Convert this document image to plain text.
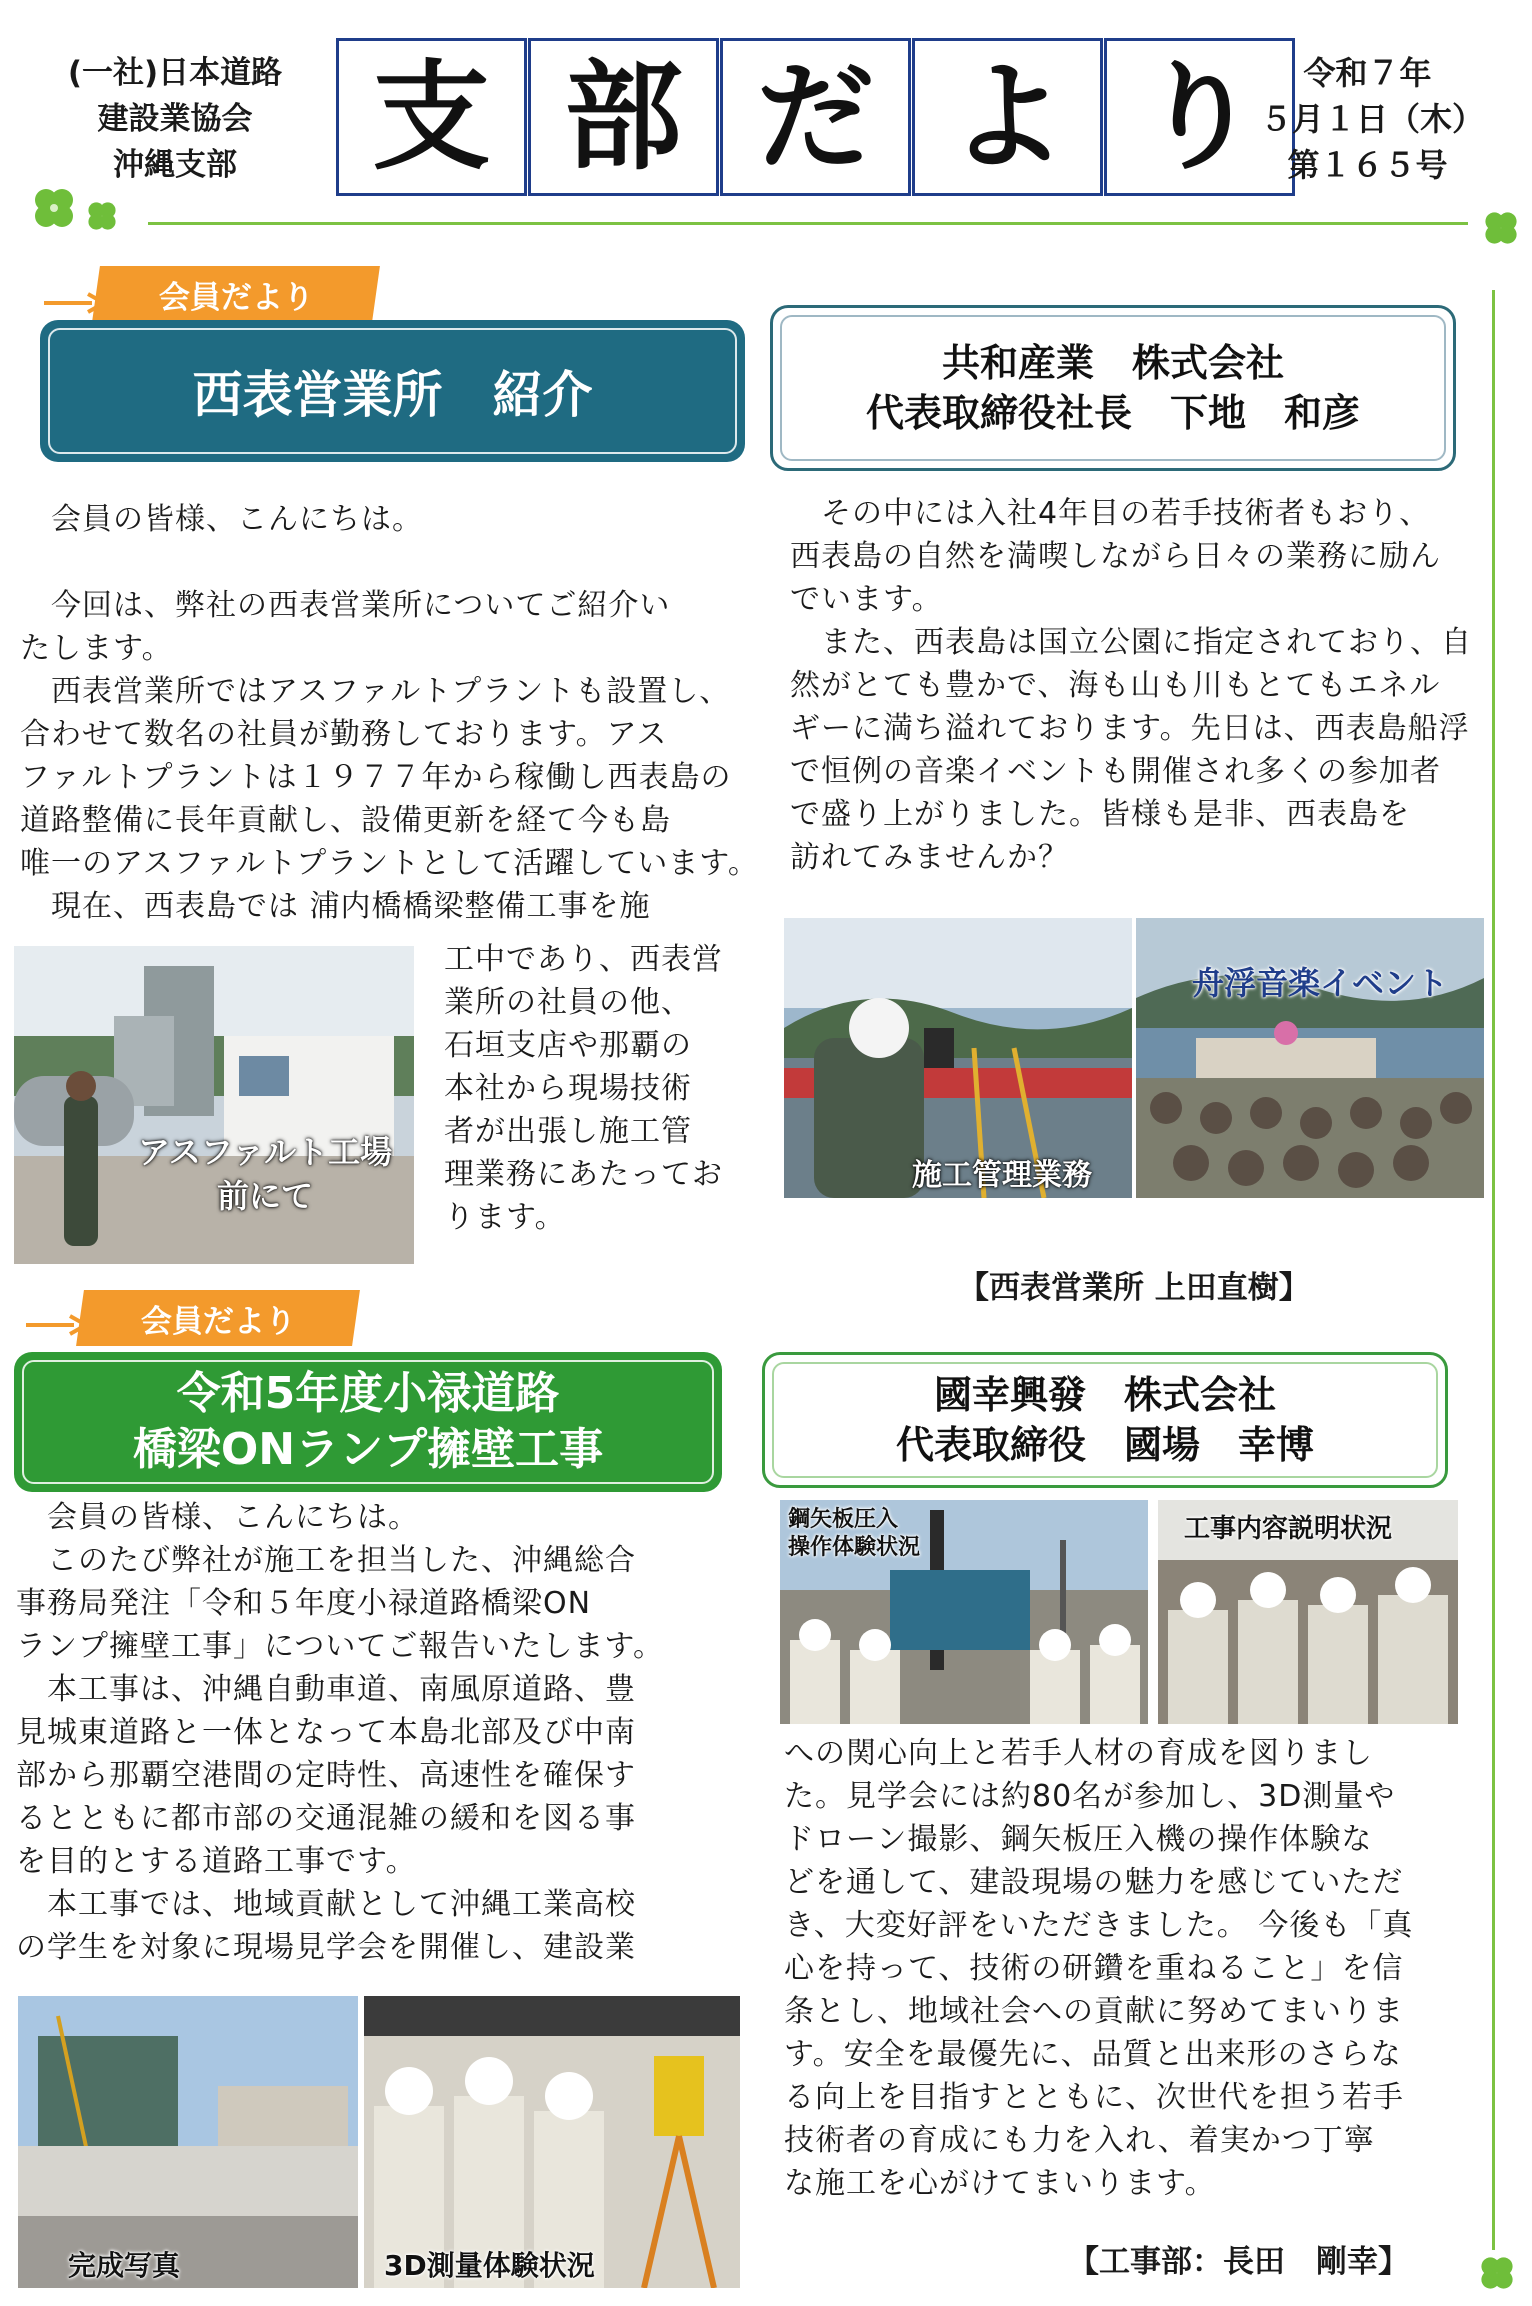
(一社)日本道路
建設業協会
沖縄支部	支 部 だ よ り	令和７年
５月１日（木）
第１６５号
会員だより
西表営業所　紹介
共和産業　株式会社
代表取締役社長　下地　和彦

　会員の皆様、こんにちは。

　今回は、弊社の西表営業所についてご紹介い

たします。

　西表営業所ではアスファルトプラントも設置し、

合わせて数名の社員が勤務しております。アス

ファルトプラントは１９７７年から稼働し西表島の

道路整備に長年貢献し、設備更新を経て今も島

唯一のアスファルトプラントとして活躍しています。

　現在、西表島では 浦内橋橋梁整備工事を施

アスファルト工場
前にて

工中であり、西表営

業所の社員の他、

石垣支店や那覇の

本社から現場技術

者が出張し施工管

理業務にあたってお

ります。

　その中には入社4年目の若手技術者もおり、

西表島の自然を満喫しながら日々の業務に励ん

でいます。

　また、西表島は国立公園に指定されており、自

然がとても豊かで、海も山も川もとてもエネル

ギーに満ち溢れております。先日は、西表島船浮

で恒例の音楽イベントも開催され多くの参加者

で盛り上がりました。皆様も是非、西表島を

訪れてみませんか？

施工管理業務
舟浮音楽イベント
【西表営業所 上田直樹】
会員だより
令和5年度小禄道路
橋梁ONランプ擁壁工事
國幸興發　株式会社
代表取締役　國場　幸博

　会員の皆様、こんにちは。

　このたび弊社が施工を担当した、沖縄総合

事務局発注「令和５年度小禄道路橋梁ON

ランプ擁壁工事」についてご報告いたします。

　本工事は、沖縄自動車道、南風原道路、豊

見城東道路と一体となって本島北部及び中南

部から那覇空港間の定時性、高速性を確保す

るとともに都市部の交通混雑の緩和を図る事

を目的とする道路工事です。

　本工事では、地域貢献として沖縄工業高校

の学生を対象に現場見学会を開催し、建設業

鋼矢板圧入
操作体験状況
工事内容説明状況

への関心向上と若手人材の育成を図りまし

た。見学会には約80名が参加し、3D測量や

ドローン撮影、鋼矢板圧入機の操作体験な

どを通して、建設現場の魅力を感じていただ

き、大変好評をいただきました。 今後も「真

心を持って、技術の研鑽を重ねること」を信

条とし、地域社会への貢献に努めてまいりま

す。安全を最優先に、品質と出来形のさらな

る向上を目指すとともに、次世代を担う若手

技術者の育成にも力を入れ、着実かつ丁寧

な施工を心がけてまいります。

完成写真	3D測量体験状況	【工事部：長田　剛幸】
